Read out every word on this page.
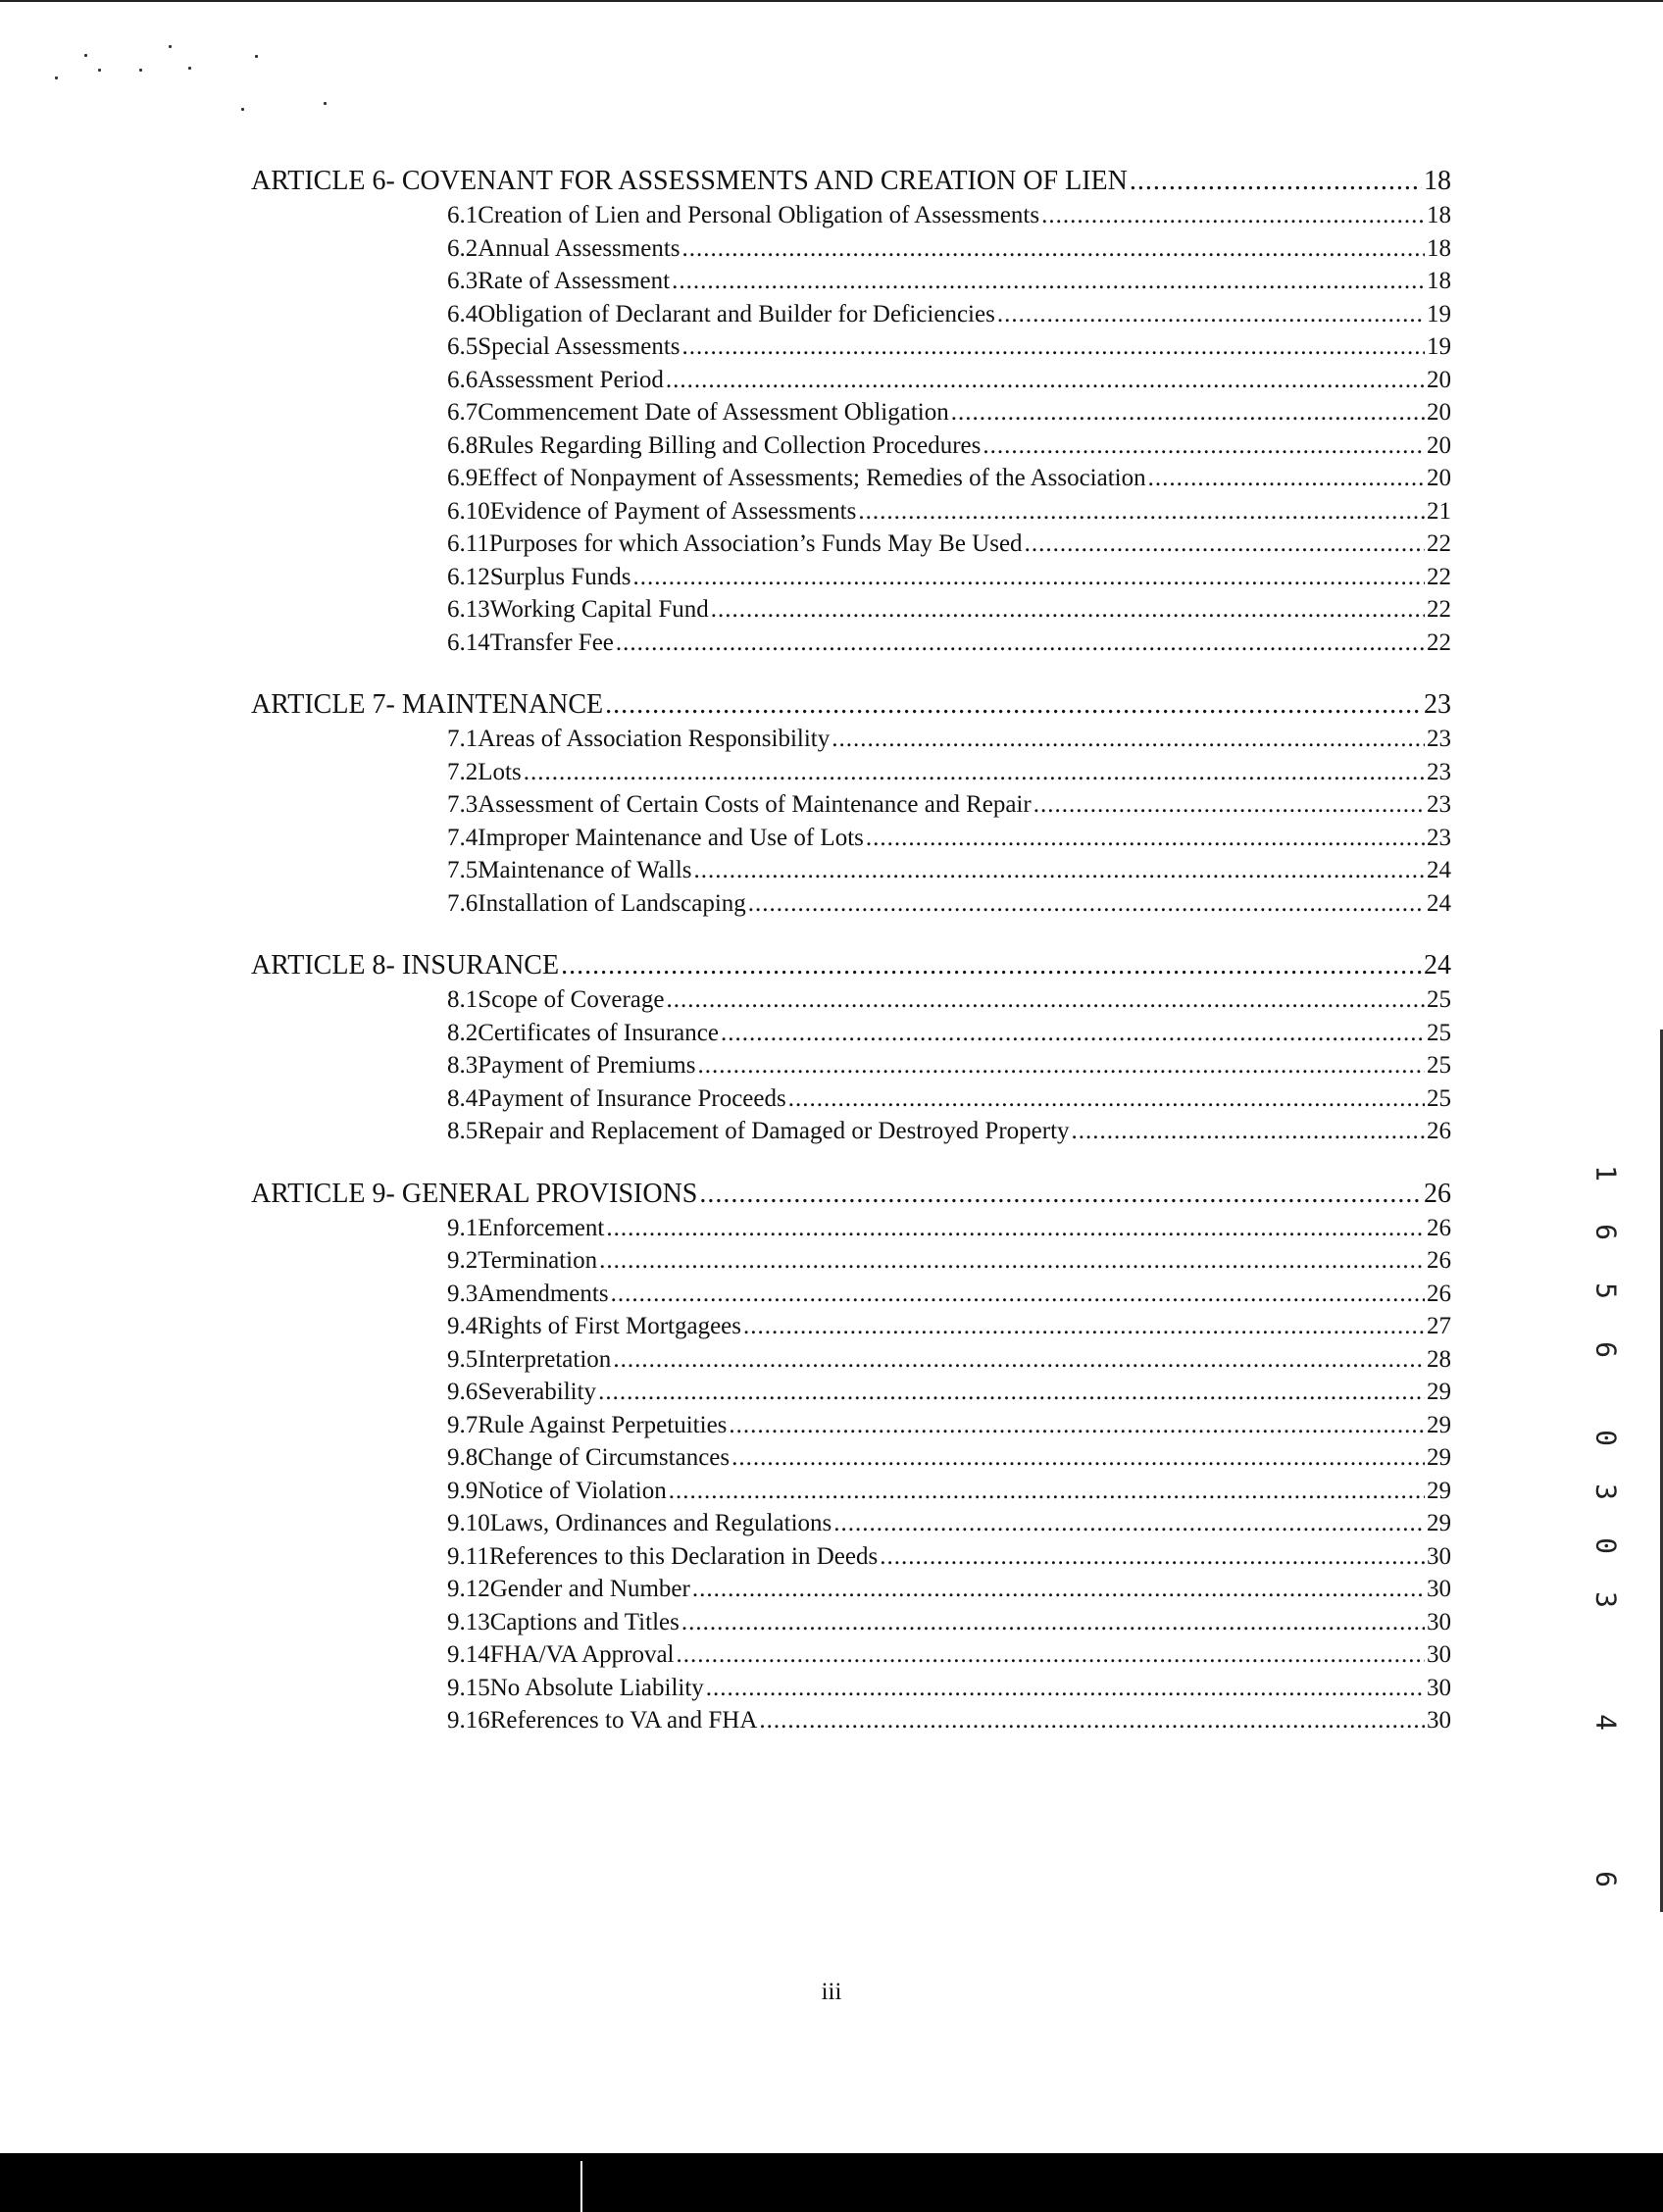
ARTICLE 6- COVENANT FOR ASSESSMENTS AND CREATION OF LIEN .....	18
6.1 Creation of Lien and Personal Obligation of Assessments .....	18
6.2 Annual Assessments .....	18
6.3 Rate of Assessment .....	18
6.4 Obligation of Declarant and Builder for Deficiencies .....	19
6.5 Special Assessments .....	19
6.6 Assessment Period .....	20
6.7 Commencement Date of Assessment Obligation .....	20
6.8 Rules Regarding Billing and Collection Procedures .....	20
6.9 Effect of Nonpayment of Assessments; Remedies of the Association .....	20
6.10 Evidence of Payment of Assessments .....	21
6.11 Purposes for which Association’s Funds May Be Used .....	22
6.12 Surplus Funds .....	22
6.13 Working Capital Fund .....	22
6.14 Transfer Fee .....	22
ARTICLE 7- MAINTENANCE .....	23
7.1 Areas of Association Responsibility .....	23
7.2 Lots .....	23
7.3 Assessment of Certain Costs of Maintenance and Repair .....	23
7.4 Improper Maintenance and Use of Lots .....	23
7.5 Maintenance of Walls .....	24
7.6 Installation of Landscaping .....	24
ARTICLE 8- INSURANCE .....	24
8.1 Scope of Coverage .....	25
8.2 Certificates of Insurance .....	25
8.3 Payment of Premiums .....	25
8.4 Payment of Insurance Proceeds .....	25
8.5 Repair and Replacement of Damaged or Destroyed Property .....	26
ARTICLE 9- GENERAL PROVISIONS .....	26
9.1 Enforcement .....	26
9.2 Termination .....	26
9.3 Amendments .....	26
9.4 Rights of First Mortgagees .....	27
9.5 Interpretation .....	28
9.6 Severability .....	29
9.7 Rule Against Perpetuities .....	29
9.8 Change of Circumstances .....	29
9.9 Notice of Violation .....	29
9.10 Laws, Ordinances and Regulations .....	29
9.11 References to this Declaration in Deeds .....	30
9.12 Gender and Number .....	30
9.13 Captions and Titles .....	30
9.14 FHA/VA Approval .....	30
9.15 No Absolute Liability .....	30
9.16 References to VA and FHA .....	30
1
6
5
6
0
3
0
3
4
6
iii
